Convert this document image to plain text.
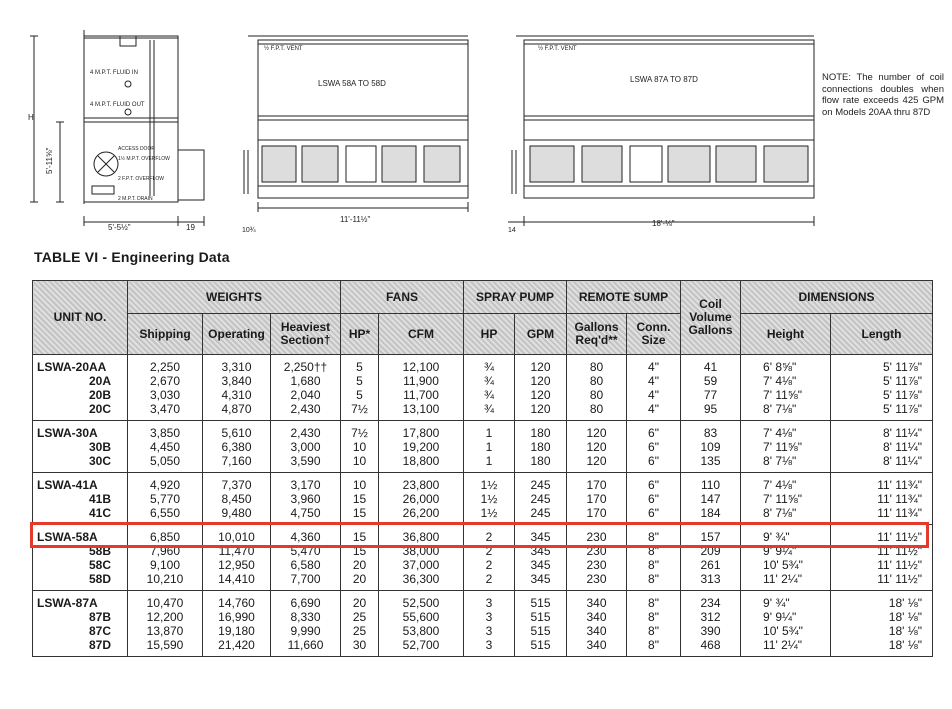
4 M.P.T. FLUID IN
4 M.P.T. FLUID OUT
ACCESS DOOR
1½ M.P.T. OVERFLOW
2 F.P.T. OVERFLOW
2 M.P.T. DRAIN
H
5'-11⅝"
5'-5½"	19
½ F.P.T. VENT
LSWA 58A TO 58D
11'-11½"
10¾
½ F.P.T. VENT
LSWA 87A TO 87D
18'-⅛"
14
NOTE: The number of coil connections doubles when flow rate exceeds 425 GPM on Models 20AA thru 87D
TABLE VI - Engineering Data
UNIT NO.	WEIGHTS			FANS		SPRAY PUMP		REMOTE SUMP		Coil Volume Gallons	DIMENSIONS	
	Shipping	Operating	Heaviest Section†	HP*	CFM	HP	GPM	Gallons Req'd**	Conn. Size		Height	Length
LSWA-20AA	2,250	3,310	2,250††	5	12,100	¾	120	80	4"	41	6' 8⅝"	5' 11⅞"
20A	2,670	3,840	1,680	5	11,900	¾	120	80	4"	59	7' 4⅛"	5' 11⅞"
20B	3,030	4,310	2,040	5	11,700	¾	120	80	4"	77	7' 11⅝"	5' 11⅞"
20C	3,470	4,870	2,430	7½	13,100	¾	120	80	4"	95	8' 7⅛"	5' 11⅞"
LSWA-30A	3,850	5,610	2,430	7½	17,800	1	180	120	6"	83	7' 4⅛"	8' 11¼"
30B	4,450	6,380	3,000	10	19,200	1	180	120	6"	109	7' 11⅝"	8' 11¼"
30C	5,050	7,160	3,590	10	18,800	1	180	120	6"	135	8' 7⅛"	8' 11¼"
LSWA-41A	4,920	7,370	3,170	10	23,800	1½	245	170	6"	110	7' 4⅛"	11' 11¾"
41B	5,770	8,450	3,960	15	26,000	1½	245	170	6"	147	7' 11⅝"	11' 11¾"
41C	6,550	9,480	4,750	15	26,200	1½	245	170	6"	184	8' 7⅛"	11' 11¾"
LSWA-58A	6,850	10,010	4,360	15	36,800	2	345	230	8"	157	9' ¾"	11' 11½"
58B	7,960	11,470	5,470	15	38,000	2	345	230	8"	209	9' 9¼"	11' 11½"
58C	9,100	12,950	6,580	20	37,000	2	345	230	8"	261	10' 5¾"	11' 11½"
58D	10,210	14,410	7,700	20	36,300	2	345	230	8"	313	11' 2¼"	11' 11½"
LSWA-87A	10,470	14,760	6,690	20	52,500	3	515	340	8"	234	9' ¾"	18' ⅛"
87B	12,200	16,990	8,330	25	55,600	3	515	340	8"	312	9' 9¼"	18' ⅛"
87C	13,870	19,180	9,990	25	53,800	3	515	340	8"	390	10' 5¾"	18' ⅛"
87D	15,590	21,420	11,660	30	52,700	3	515	340	8"	468	11' 2¼"	18' ⅛"
